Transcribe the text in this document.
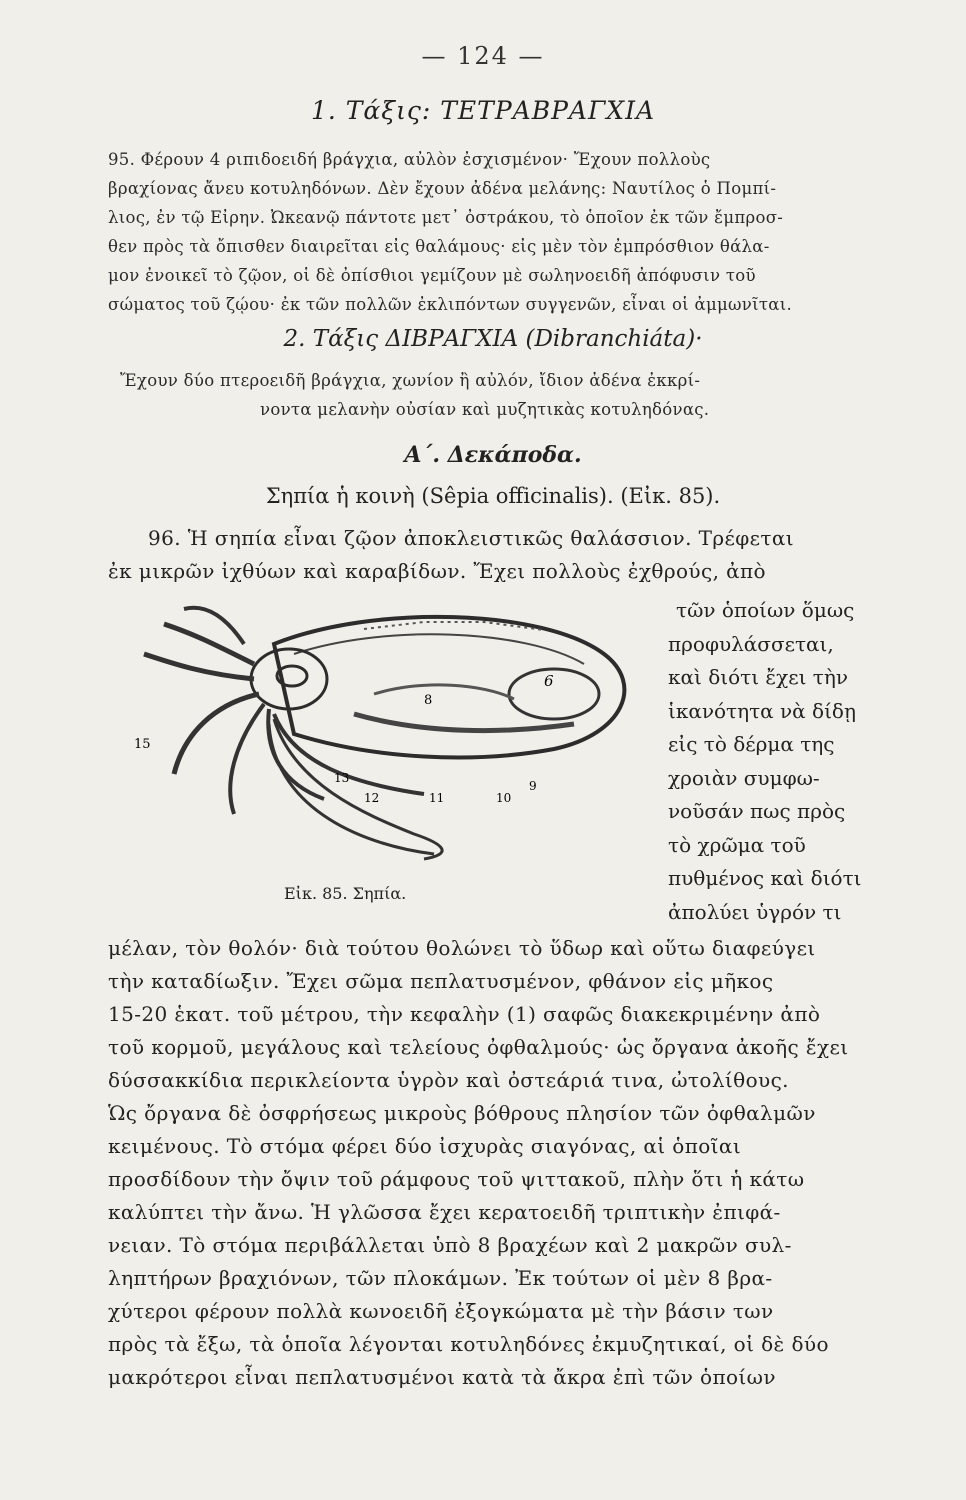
— 124 —
1. Τάξις: ΤΕΤΡΑΒΡΑΓΧΙΑ
95. Φέρουν 4 ριπιδοειδή βράγχια, αὐλὸν ἐσχισμένον· Ἔχουν πολλοὺς
βραχίονας ἄνευ κοτυληδόνων. Δὲν ἔχουν ἀδένα μελάνης: Ναυτίλος ὁ Πομπί-
λιος, ἐν τῷ Εἰρην. Ὠκεανῷ πάντοτε μετ᾽ ὀστράκου, τὸ ὁποῖον ἐκ τῶν ἔμπροσ-
θεν πρὸς τὰ ὄπισθεν διαιρεῖται εἰς θαλάμους· εἰς μὲν τὸν ἐμπρόσθιον θάλα-
μον ἐνοικεῖ τὸ ζῷον, οἱ δὲ ὀπίσθιοι γεμίζουν μὲ σωληνοειδῆ ἀπόφυσιν τοῦ
σώματος τοῦ ζῴου· ἐκ τῶν πολλῶν ἐκλιπόντων συγγενῶν, εἶναι οἱ ἀμμωνῖται.
2. Τάξις ΔΙΒΡΑΓΧΙΑ (Dibranchiáta)·
Ἔχουν δύο πτεροειδῆ βράγχια, χωνίον ἢ αὐλόν, ἴδιον ἀδένα ἐκκρί-
νοντα μελανὴν οὐσίαν καὶ μυζητικὰς κοτυληδόνας.
Α΄. Δεκάποδα.
Σηπία ἡ κοινὴ (Sêpia officinalis). (Εἰκ. 85).
96. Ἡ σηπία εἶναι ζῷον ἀποκλειστικῶς θαλάσσιον. Τρέφεται
ἐκ μικρῶν ἰχθύων καὶ καραβίδων. Ἔχει πολλοὺς ἐχθρούς, ἀπὸ
6
8
15
13
12	11	10
9
Εἰκ. 85. Σηπία.
τῶν ὁποίων ὅμως
προφυλάσσεται,
καὶ διότι ἔχει τὴν
ἱκανότητα νὰ δίδῃ
εἰς τὸ δέρμα της
χροιὰν συμφω-
νοῦσάν πως πρὸς
τὸ χρῶμα τοῦ
πυθμένος καὶ διότι
ἀπολύει ὑγρόν τι
μέλαν, τὸν θολόν· διὰ τούτου θολώνει τὸ ὕδωρ καὶ οὕτω διαφεύγει
τὴν καταδίωξιν. Ἔχει σῶμα πεπλατυσμένον, φθάνον εἰς μῆκος
15-20 ἑκατ. τοῦ μέτρου, τὴν κεφαλὴν (1) σαφῶς διακεκριμένην ἀπὸ
τοῦ κορμοῦ, μεγάλους καὶ τελείους ὀφθαλμούς· ὡς ὄργανα ἀκοῆς ἔχει
δύσσακκίδια περικλείοντα ὑγρὸν καὶ ὀστεάριά τινα, ὠτολίθους.
Ὡς ὄργανα δὲ ὀσφρήσεως μικροὺς βόθρους πλησίον τῶν ὀφθαλμῶν
κειμένους. Τὸ στόμα φέρει δύο ἰσχυρὰς σιαγόνας, αἱ ὁποῖαι
προσδίδουν τὴν ὄψιν τοῦ ράμφους τοῦ ψιττακοῦ, πλὴν ὅτι ἡ κάτω
καλύπτει τὴν ἄνω. Ἡ γλῶσσα ἔχει κερατοειδῆ τριπτικὴν ἐπιφά-
νειαν. Τὸ στόμα περιβάλλεται ὑπὸ 8 βραχέων καὶ 2 μακρῶν συλ-
ληπτήρων βραχιόνων, τῶν πλοκάμων. Ἐκ τούτων οἱ μὲν 8 βρα-
χύτεροι φέρουν πολλὰ κωνοειδῆ ἐξογκώματα μὲ τὴν βάσιν των
πρὸς τὰ ἔξω, τὰ ὁποῖα λέγονται κοτυληδόνες ἐκμυζητικαί, οἱ δὲ δύο
μακρότεροι εἶναι πεπλατυσμένοι κατὰ τὰ ἄκρα ἐπὶ τῶν ὁποίων
